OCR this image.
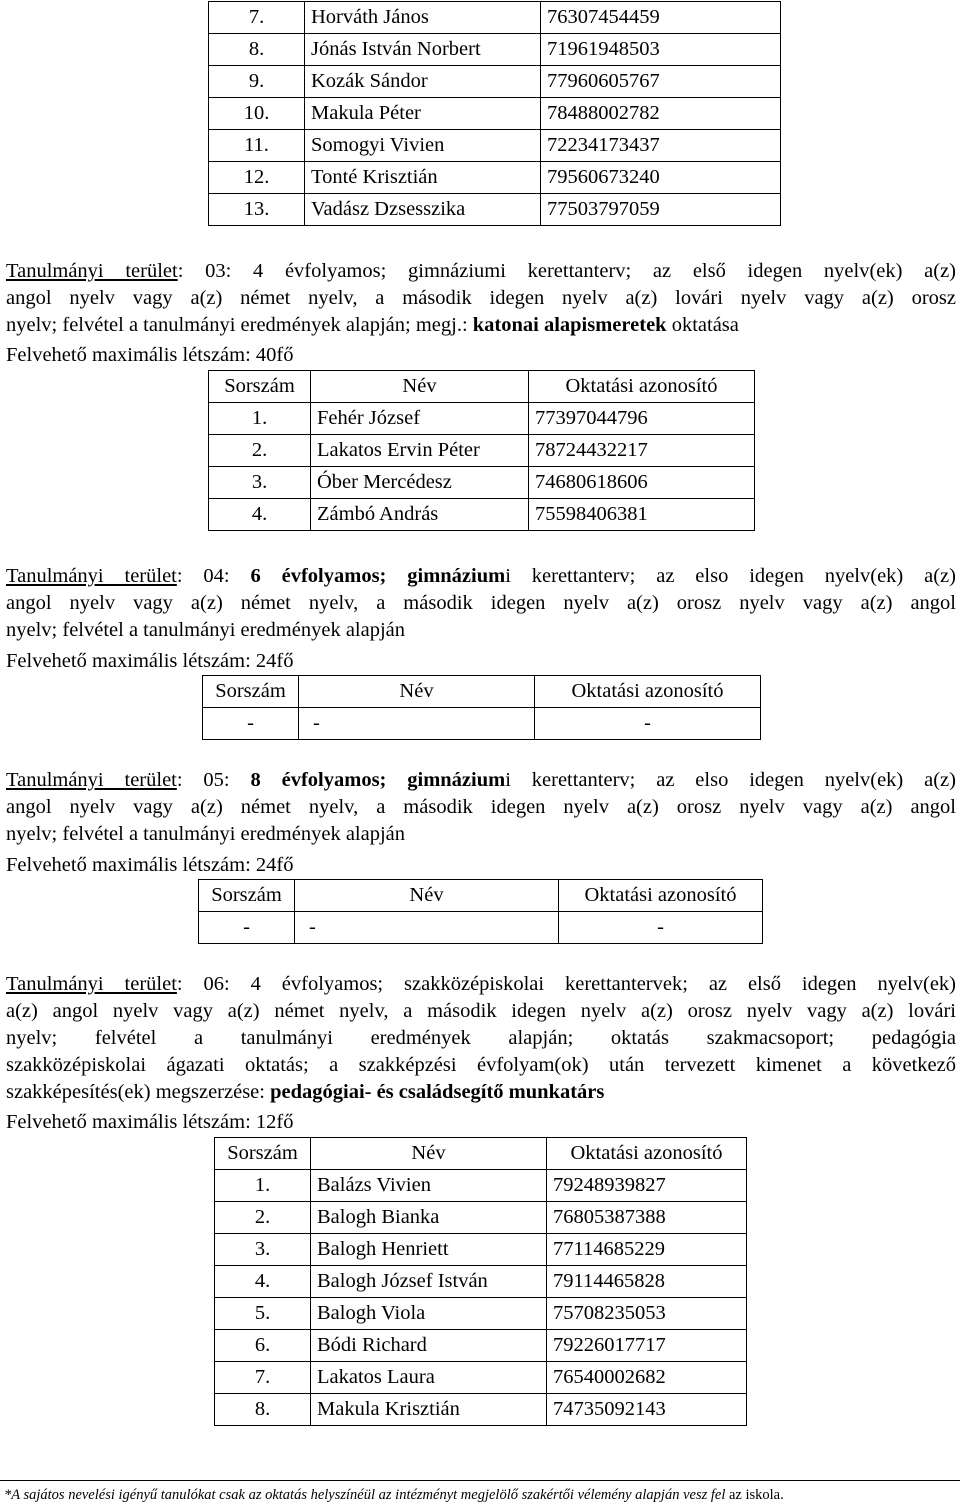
7.	Horváth János	76307454459
8.	Jónás István Norbert	71961948503
9.	Kozák Sándor	77960605767
10.	Makula Péter	78488002782
11.	Somogyi Vivien	72234173437
12.	Tonté Krisztián	79560673240
13.	Vadász Dzsesszika	77503797059
Tanulmányi terület: 03: 4 évfolyamos; gimnáziumi kerettanterv; az első idegen nyelv(ek) a(z)
angol nyelv vagy a(z) német nyelv, a második idegen nyelv a(z) lovári nyelv vagy a(z) orosz
nyelv; felvétel a tanulmányi eredmények alapján; megj.: katonai alapismeretek oktatása
Felvehető maximális létszám: 40fő
Sorszám	Név	Oktatási azonosító
1.	Fehér József	77397044796
2.	Lakatos Ervin Péter	78724432217
3.	Óber Mercédesz	74680618606
4.	Zámbó András	75598406381
Tanulmányi terület: 04: 6 évfolyamos; gimnáziumi kerettanterv; az elso idegen nyelv(ek) a(z)
angol nyelv vagy a(z) német nyelv, a második idegen nyelv a(z) orosz nyelv vagy a(z) angol
nyelv; felvétel a tanulmányi eredmények alapján
Felvehető maximális létszám: 24fő
Sorszám	Név	Oktatási azonosító
-	-	-
Tanulmányi terület: 05: 8 évfolyamos; gimnáziumi kerettanterv; az elso idegen nyelv(ek) a(z)
angol nyelv vagy a(z) német nyelv, a második idegen nyelv a(z) orosz nyelv vagy a(z) angol
nyelv; felvétel a tanulmányi eredmények alapján
Felvehető maximális létszám: 24fő
Sorszám	Név	Oktatási azonosító
-	-	-
Tanulmányi terület: 06: 4 évfolyamos; szakközépiskolai kerettantervek; az első idegen nyelv(ek)
a(z) angol nyelv vagy a(z) német nyelv, a második idegen nyelv a(z) orosz nyelv vagy a(z) lovári
nyelv; felvétel a tanulmányi eredmények alapján; oktatás szakmacsoport; pedagógia
szakközépiskolai ágazati oktatás; a szakképzési évfolyam(ok) után tervezett kimenet a következő
szakképesítés(ek) megszerzése: pedagógiai- és családsegítő munkatárs
Felvehető maximális létszám: 12fő
Sorszám	Név	Oktatási azonosító
1.	Balázs Vivien	79248939827
2.	Balogh Bianka	76805387388
3.	Balogh Henriett	77114685229
4.	Balogh József István	79114465828
5.	Balogh Viola	75708235053
6.	Bódi Richard	79226017717
7.	Lakatos Laura	76540002682
8.	Makula Krisztián	74735092143
*A sajátos nevelési igényű tanulókat csak az oktatás helyszínéül az intézményt megjelölő szakértői vélemény alapján vesz fel az iskola.
